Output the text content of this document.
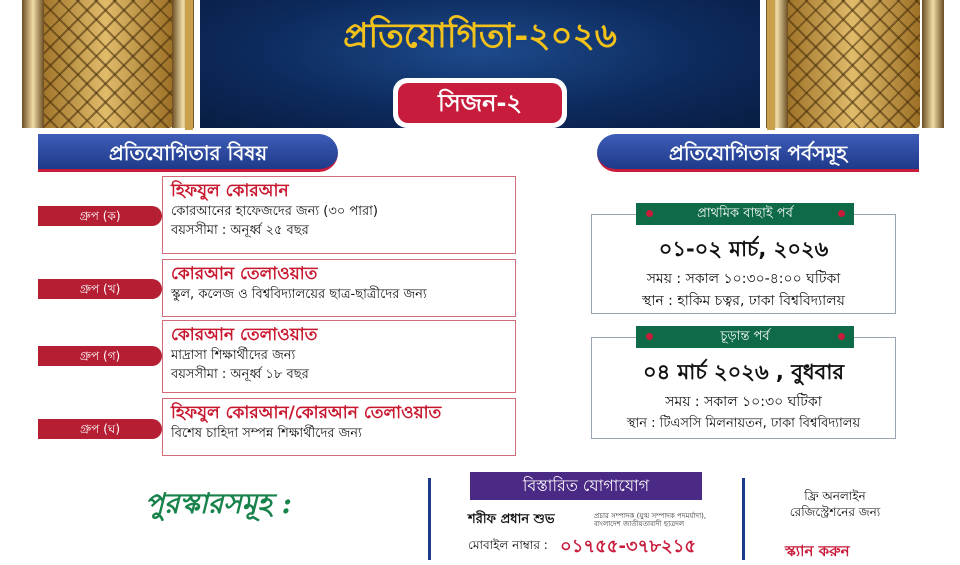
প্রতিযোগিতা-২০২৬
সিজন-২
প্রতিযোগিতার বিষয়	প্রতিযোগিতার পর্বসমূহ
গ্রুপ (ক)
হিফযুল কোরআন
কোরআনের হাফেজদের জন্য (৩০ পারা)
বয়সসীমা : অনূর্ধ্ব ২৫ বছর
গ্রুপ (খ)
কোরআন তেলাওয়াত
স্কুল, কলেজ ও বিশ্ববিদ্যালয়ের ছাত্র-ছাত্রীদের জন্য
গ্রুপ (গ)
কোরআন তেলাওয়াত
মাদ্রাসা শিক্ষার্থীদের জন্য
বয়সসীমা : অনূর্ধ্ব ১৮ বছর
গ্রুপ (ঘ)
হিফযুল কোরআন/কোরআন তেলাওয়াত
বিশেষ চাহিদা সম্পন্ন শিক্ষার্থীদের জন্য
০১-০২ মার্চ, ২০২৬
সময় : সকাল ১০:৩০-৪:০০ ঘটিকা
স্থান : হাকিম চত্বর, ঢাকা বিশ্ববিদ্যালয়
প্রাথমিক বাছাই পর্ব
০৪ মার্চ ২০২৬ , বুধবার
সময় : সকাল ১০:৩০ ঘটিকা
স্থান : টিএসসি মিলনায়তন, ঢাকা বিশ্ববিদ্যালয়
চূড়ান্ত পর্ব
পুরস্কারসমূহ :
বিস্তারিত যোগাযোগ
শরীফ প্রধান শুভ	প্রচার সম্পাদক (যুগ্ম সম্পাদক পদমর্যাদা), বাংলাদেশ জাতীয়তাবাদী ছাত্রদল
মোবাইল নাম্বার : ০১৭৫৫-৩৭৮২১৫
ফ্রি অনলাইন রেজিস্ট্রেশনের জন্য
স্ক্যান করুন
